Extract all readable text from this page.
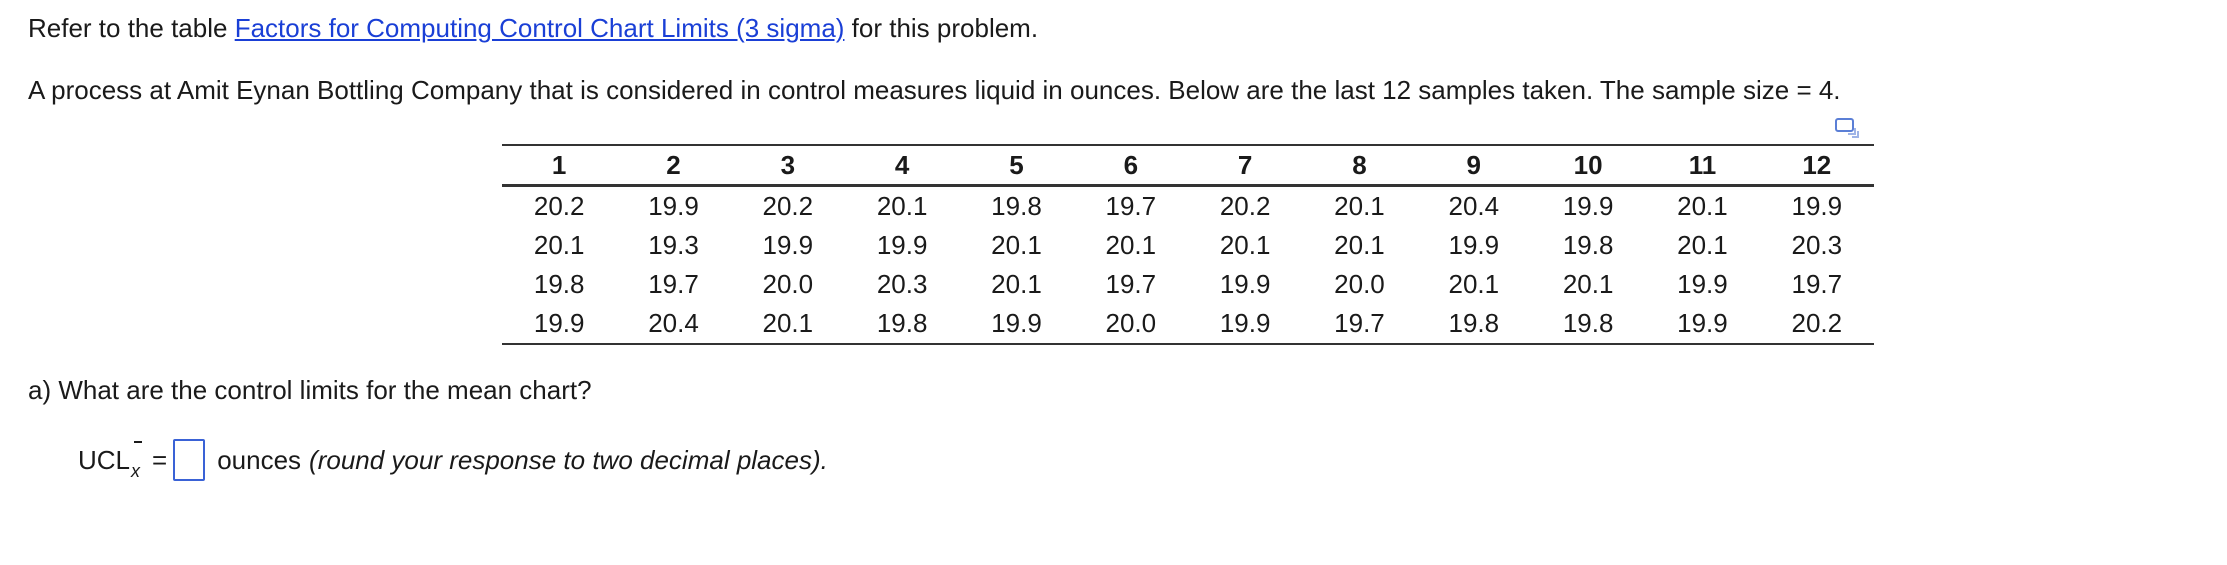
Refer to the table Factors for Computing Control Chart Limits (3 sigma) for this problem.
A process at Amit Eynan Bottling Company that is considered in control measures liquid in ounces. Below are the last 12 samples taken. The sample size = 4.
1	2	3	4	5	6	7	8	9	10	11	12
20.2	19.9	20.2	20.1	19.8	19.7	20.2	20.1	20.4	19.9	20.1	19.9
20.1	19.3	19.9	19.9	20.1	20.1	20.1	20.1	19.9	19.8	20.1	20.3
19.8	19.7	20.0	20.3	20.1	19.7	19.9	20.0	20.1	20.1	19.9	19.7
19.9	20.4	20.1	19.8	19.9	20.0	19.9	19.7	19.8	19.8	19.9	20.2
a) What are the control limits for the mean chart?
UCLx = ounces (round your response to two decimal places).
